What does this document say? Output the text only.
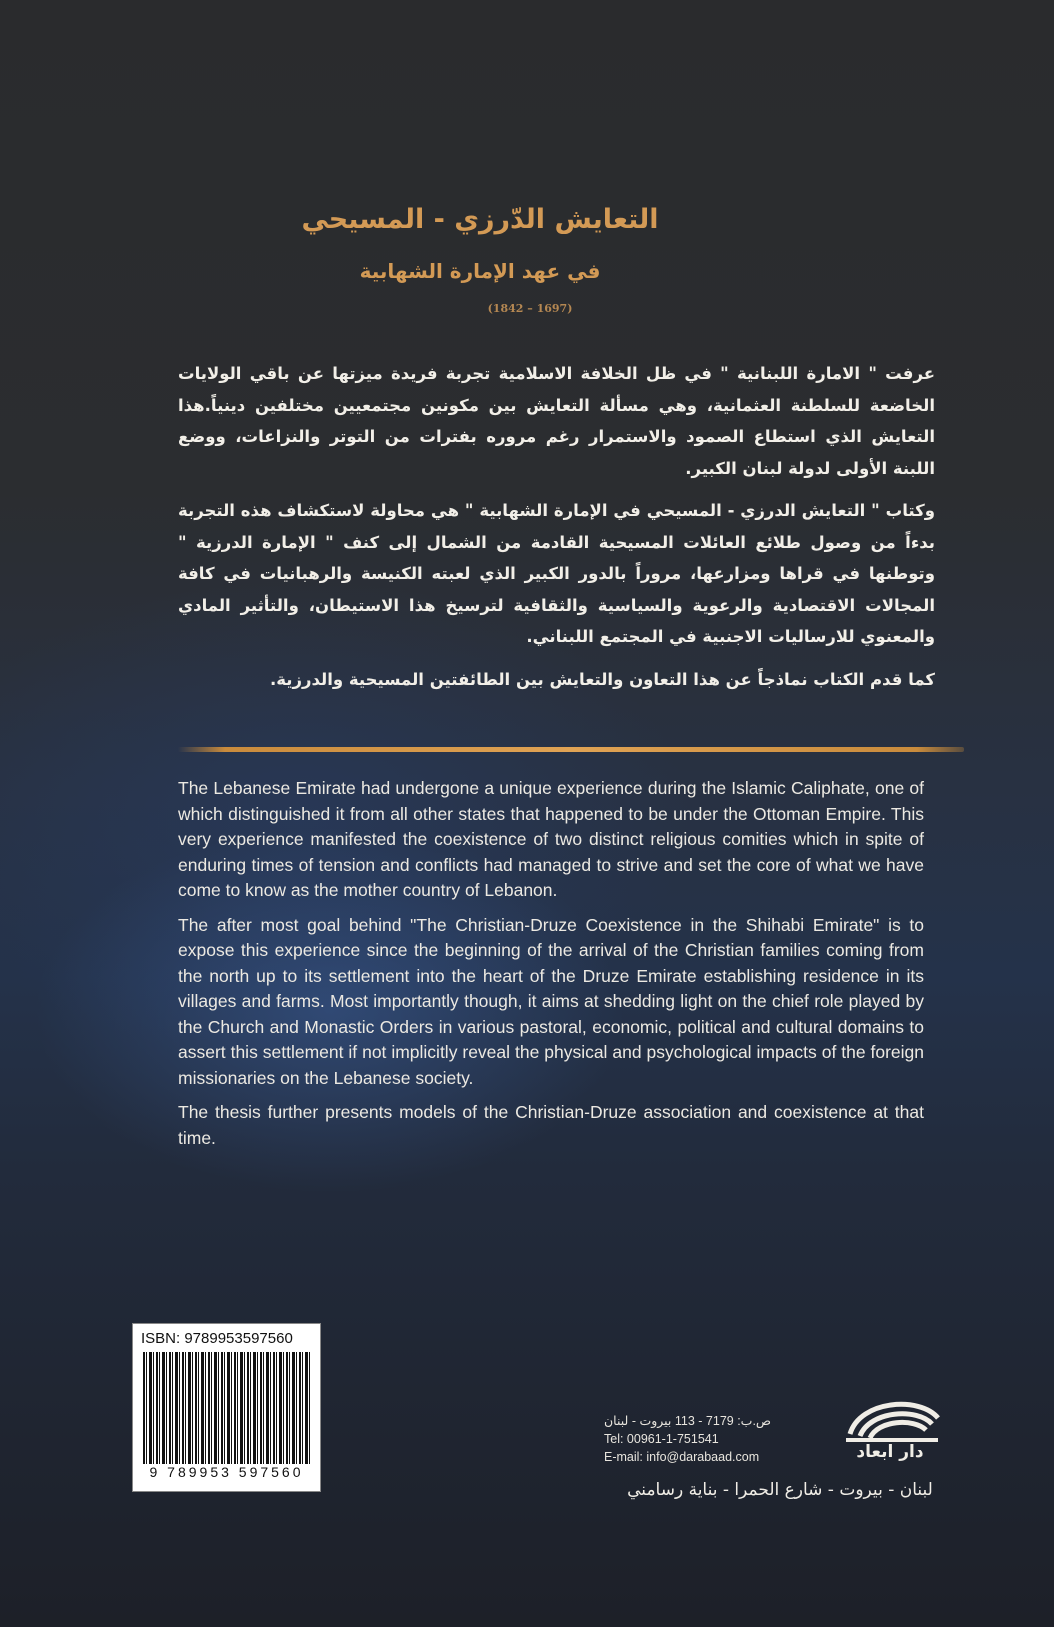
التعايش الدّرزي - المسيحي
في عهد الإمارة الشهابية
(1842 – 1697)

عرفت " الامارة اللبنانية " في ظل الخلافة الاسلامية تجربة فريدة ميزتها عن باقي الولايات الخاضعة للسلطنة العثمانية، وهي مسألة التعايش بين مكونين مجتمعيين مختلفين دينياً.هذا التعايش الذي استطاع الصمود والاستمرار رغم مروره بفترات من التوتر والنزاعات، ووضع اللبنة الأولى لدولة لبنان الكبير.

وكتاب " التعايش الدرزي - المسيحي في الإمارة الشهابية " هي محاولة لاستكشاف هذه التجربة بدءاً من وصول طلائع العائلات المسيحية القادمة من الشمال إلى كنف " الإمارة الدرزية " وتوطنها في قراها ومزارعها، مروراً بالدور الكبير الذي لعبته الكنيسة والرهبانيات في كافة المجالات الاقتصادية والرعوية والسياسية والثقافية لترسيخ هذا الاستيطان، والتأثير المادي والمعنوي للارساليات الاجنبية في المجتمع اللبناني.

كما قدم الكتاب نماذجاً عن هذا التعاون والتعايش بين الطائفتين المسيحية والدرزية.

The Lebanese Emirate had undergone a unique experience during the Islamic Caliphate, one of which distinguished it from all other states that happened to be under the Ottoman Empire. This very experience manifested the coexistence of two distinct religious comities which in spite of enduring times of tension and conflicts had managed to strive and set the core of what we have come to know as the mother country of Lebanon.

The after most goal behind "The Christian-Druze Coexistence in the Shihabi Emirate" is to expose this experience since the beginning of the arrival of the Christian families coming from the north up to its settlement into the heart of the Druze Emirate establishing residence in its villages and farms. Most importantly though, it aims at shedding light on the chief role played by the Church and Monastic Orders in various pastoral, economic, political and cultural domains to assert this settlement if not implicitly reveal the physical and psychological impacts of the foreign missionaries on the Lebanese society.

The thesis further presents models of the Christian-Druze association and coexistence at that time.

ISBN: 9789953597560
9 789953 597560
ص.ب: 7179 - 113 بيروت - لبنان
Tel: 00961-1-751541
E-mail: info@darabaad.com	دار ابعاد
لبنان - بيروت - شارع الحمرا - بناية رسامني
